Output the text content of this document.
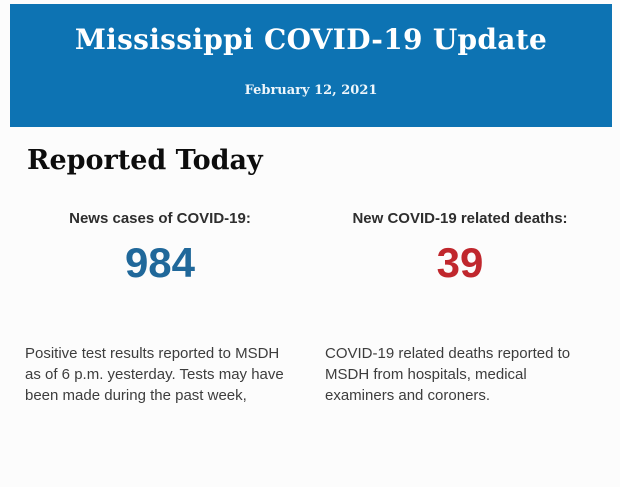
Mississippi COVID-19 Update
February 12, 2021
Reported Today
News cases of COVID-19:
984

Positive test results reported to MSDH as of 6 p.m. yesterday. Tests may have been made during the past week,

New COVID-19 related deaths:
39

COVID-19 related deaths reported to MSDH from hospitals, medical examiners and coroners.
